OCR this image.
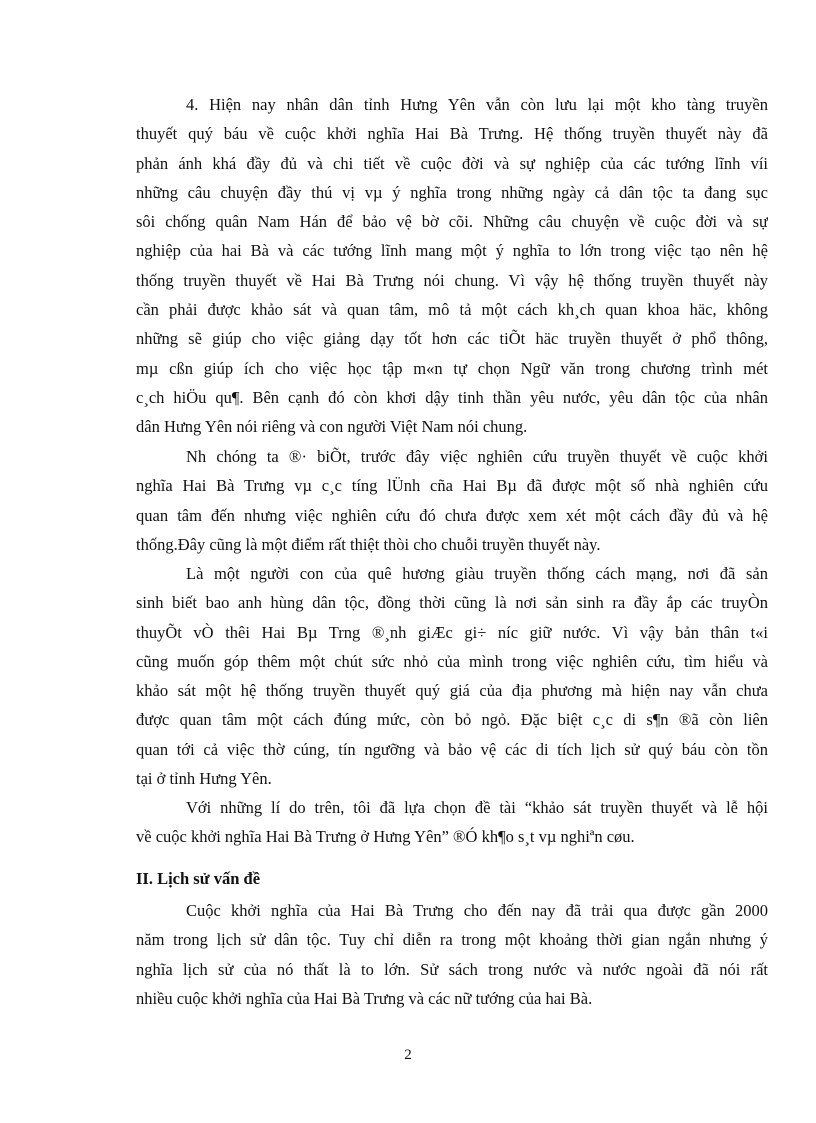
4. Hiện nay nhân dân tỉnh Hưng Yên vẫn còn lưu lại một kho tàng truyền
thuyết quý báu về cuộc khởi nghĩa Hai Bà Trưng. Hệ thống truyền thuyết này đã
phản ánh khá đầy đủ và chi tiết về cuộc đời và sự nghiệp của các tướng lĩnh víi
những câu chuyện đầy thú vị vµ ý nghĩa trong những ngày cả dân tộc ta đang sục
sôi chống quân Nam Hán để bảo vệ bờ cõi. Những câu chuyện về cuộc đời và sự
nghiệp của hai Bà và các tướng lĩnh mang một ý nghĩa to lớn trong việc tạo nên hệ
thống truyền thuyết về Hai Bà Trưng nói chung. Vì vậy hệ thống truyền thuyết này
cần phải được khảo sát và quan tâm, mô tả một cách kh¸ch quan khoa häc, không
những sẽ giúp cho việc giảng dạy tốt hơn các tiÕt häc truyền thuyết ở phổ thông,
mµ cßn giúp ích cho việc học tập m«n tự chọn Ngữ văn trong chương trình mét
c¸ch hiÖu qu¶. Bên cạnh đó còn khơi dậy tinh thần yêu nước, yêu dân tộc của nhân
dân Hưng Yên nói riêng và con người Việt Nam nói chung.
Nh chóng ta ®· biÕt, trước đây việc nghiên cứu truyền thuyết về cuộc khởi
nghĩa Hai Bà Trưng vµ c¸c tíng lÜnh cña Hai Bµ đã được một số nhà nghiên cứu
quan tâm đến nhưng việc nghiên cứu đó chưa được xem xét một cách đầy đủ và hệ
thống.Đây cũng là một điểm rất thiệt thòi cho chuỗi truyền thuyết này.
Là một người con của quê hương giàu truyền thống cách mạng, nơi đã sản
sinh biết bao anh hùng dân tộc, đồng thời cũng là nơi sản sinh ra đầy ắp các truyÒn
thuyÕt vÒ thêi Hai Bµ Trng ®¸nh giÆc gi÷ níc giữ nước. Vì vậy bản thân t«i
cũng muốn góp thêm một chút sức nhỏ của mình trong việc nghiên cứu, tìm hiểu và
khảo sát một hệ thống truyền thuyết quý giá của địa phương mà hiện nay vẫn chưa
được quan tâm một cách đúng mức, còn bỏ ngỏ. Đặc biệt c¸c di s¶n ®ã còn liên
quan tới cả việc thờ cúng, tín ngưỡng và bảo vệ các di tích lịch sử quý báu còn tồn
tại ở tỉnh Hưng Yên.
Với những lí do trên, tôi đã lựa chọn đề tài “khảo sát truyền thuyết và lễ hội
về cuộc khởi nghĩa Hai Bà Trưng ở Hưng Yên” ®Ó kh¶o s¸t vµ nghiªn cøu.
II. Lịch sử vấn đề
Cuộc khởi nghĩa của Hai Bà Trưng cho đến nay đã trải qua được gần 2000
năm trong lịch sử dân tộc. Tuy chỉ diễn ra trong một khoảng thời gian ngắn nhưng ý
nghĩa lịch sử của nó thất là to lớn. Sử sách trong nước và nước ngoài đã nói rất
nhiều cuộc khởi nghĩa của Hai Bà Trưng và các nữ tướng của hai Bà.
2
